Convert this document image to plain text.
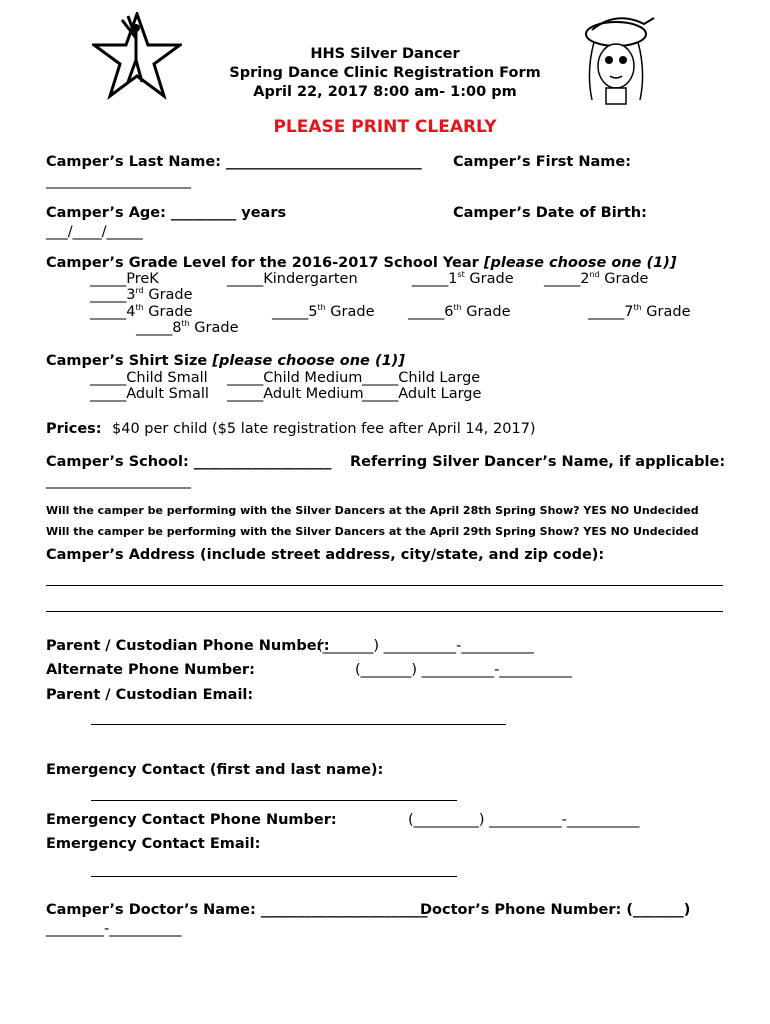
HHS Silver Dancer
Spring Dance Clinic Registration Form
April 22, 2017 8:00 am- 1:00 pm
PLEASE PRINT CLEARLY
Camper’s Last Name: ___________________________ Camper’s First Name:
____________________
Camper’s Age: _________ years	Camper’s Date of Birth:
___/____/_____
Camper’s Grade Level for the 2016-2017 School Year [please choose one (1)]
_____PreK	_____Kindergarten	_____1st Grade _____2nd Grade
_____3rd Grade
_____4th Grade	_____5th Grade _____6th Grade	_____7th Grade
_____8th Grade
Camper’s Shirt Size [please choose one (1)]
_____Child Small _____Child Medium _____Child Large
_____Adult Small _____Adult Medium
_____Adult Large
Prices: $40 per child ($5 late registration fee after April 14, 2017)
Camper’s School: ___________________ Referring Silver Dancer’s Name, if applicable:
____________________
Will the camper be performing with the Silver Dancers at the April 28th Spring Show? YES NO Undecided
Will the camper be performing with the Silver Dancers at the April 29th Spring Show? YES NO Undecided
Camper’s Address (include street address, city/state, and zip code):
Parent / Custodian Phone Number:
(_______) __________-__________
Alternate Phone Number:	(_______) __________-__________
Parent / Custodian Email:
Emergency Contact (first and last name):
Emergency Contact Phone Number:	(_________) __________-__________
Emergency Contact Email:
Camper’s Doctor’s Name: _______________________
Doctor’s Phone Number: (_______)
________-__________
